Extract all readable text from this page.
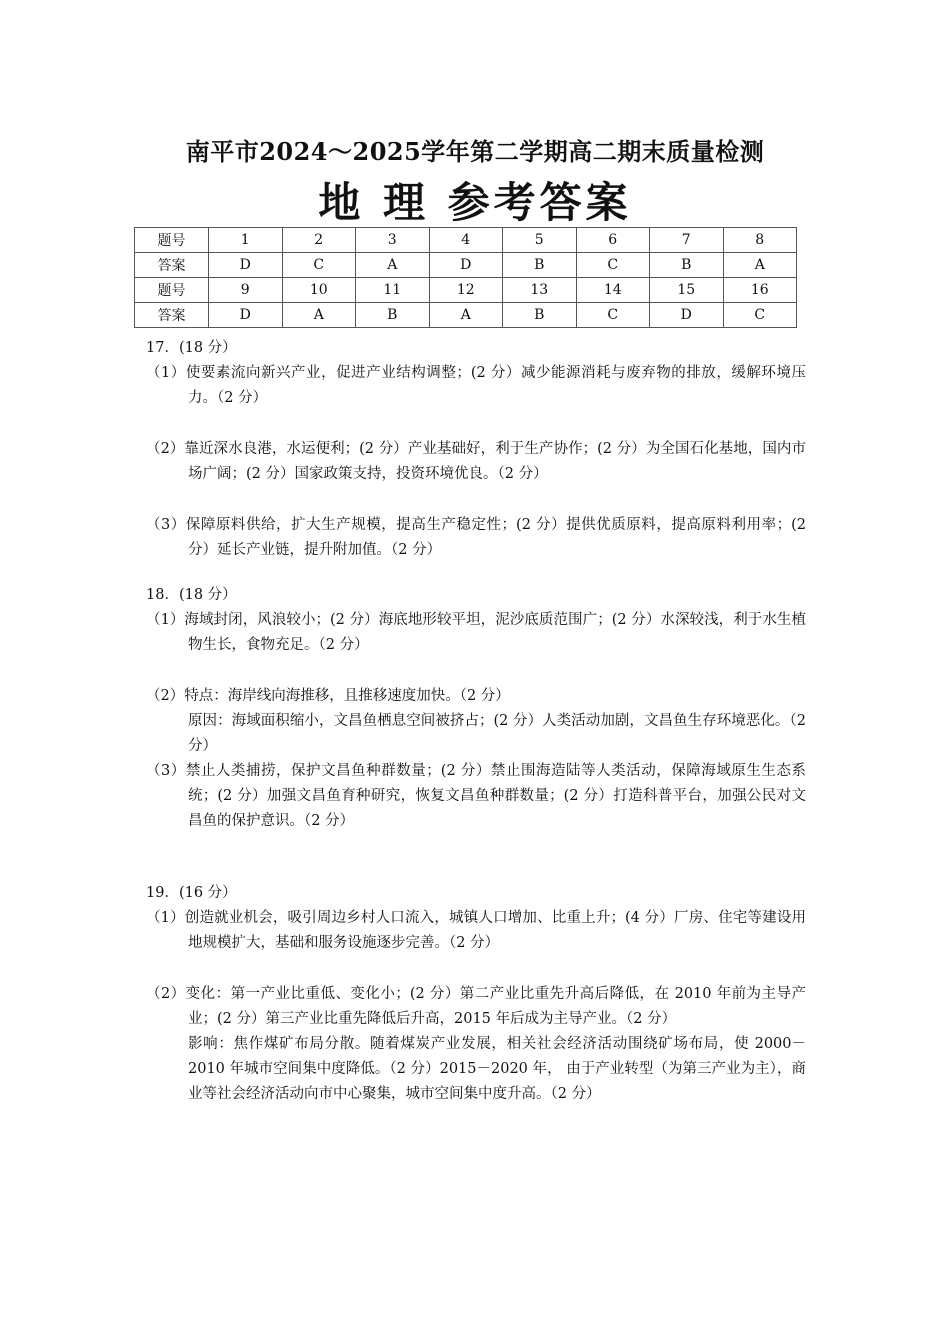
南平市2024～2025学年第二学期高二期末质量检测
地 理 参考答案
题号	1	2	3	4	5	6	7	8
答案	D	C	A	D	B	C	B	A
题号	9	10	11	12	13	14	15	16
答案	D	A	B	A	B	C	D	C

17．(18 分）

（1）使要素流向新兴产业，促进产业结构调整；(2 分）减少能源消耗与废弃物的排放，缓解环境压力。（2 分）

（2）靠近深水良港，水运便利；(2 分）产业基础好，利于生产协作；(2 分）为全国石化基地，国内市场广阔；(2 分）国家政策支持，投资环境优良。（2 分）

（3）保障原料供给，扩大生产规模，提高生产稳定性；(2 分）提供优质原料，提高原料利用率；(2 分）延长产业链，提升附加值。（2 分）

18．(18 分）

（1）海域封闭，风浪较小；(2 分）海底地形较平坦，泥沙底质范围广；(2 分）水深较浅，利于水生植物生长，食物充足。（2 分）

（2）特点：海岸线向海推移，且推移速度加快。（2 分）

原因：海域面积缩小，文昌鱼栖息空间被挤占；(2 分）人类活动加剧，文昌鱼生存环境恶化。（2 分）

（3）禁止人类捕捞，保护文昌鱼种群数量；(2 分）禁止围海造陆等人类活动，保障海域原生生态系统；(2 分）加强文昌鱼育种研究，恢复文昌鱼种群数量；(2 分）打造科普平台，加强公民对文昌鱼的保护意识。（2 分）

19．(16 分）

（1）创造就业机会，吸引周边乡村人口流入，城镇人口增加、比重上升；(4 分）厂房、住宅等建设用地规模扩大，基础和服务设施逐步完善。（2 分）

（2）变化：第一产业比重低、变化小；(2 分）第二产业比重先升高后降低，在 2010 年前为主导产业；(2 分）第三产业比重先降低后升高，2015 年后成为主导产业。（2 分）

影响：焦作煤矿布局分散。随着煤炭产业发展，相关社会经济活动围绕矿场布局，使 2000－2010 年城市空间集中度降低。（2 分）2015－2020 年， 由于产业转型（为第三产业为主），商业等社会经济活动向市中心聚集，城市空间集中度升高。（2 分）
